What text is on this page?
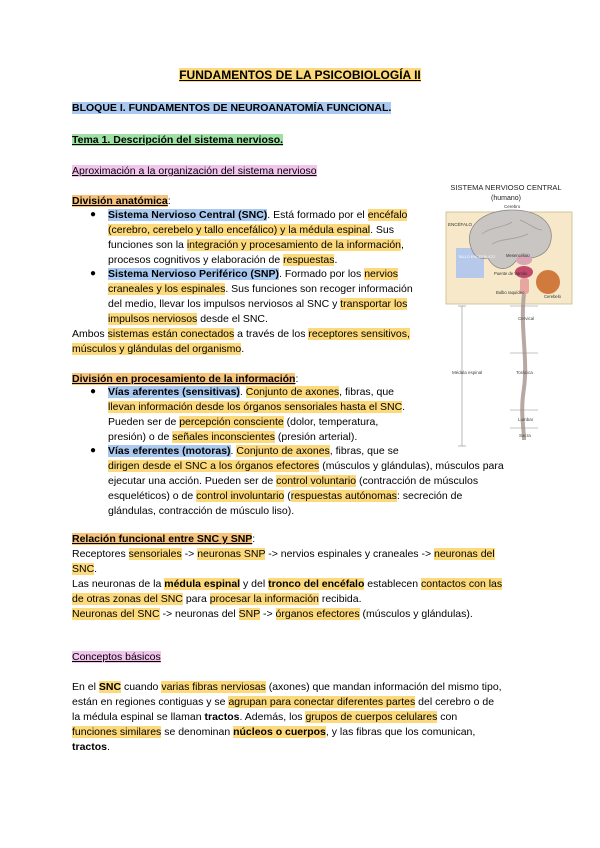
FUNDAMENTOS DE LA PSICOBIOLOGÍA II
BLOQUE I. FUNDAMENTOS DE NEUROANATOMÍA FUNCIONAL.
Tema 1. Descripción del sistema nervioso.
Aproximación a la organización del sistema nervioso
División anatómica:
● Sistema Nervioso Central (SNC). Está formado por el encéfalo
(cerebro, cerebelo y tallo encefálico) y la médula espinal. Sus
funciones son la integración y procesamiento de la información,
procesos cognitivos y elaboración de respuestas.
● Sistema Nervioso Periférico (SNP). Formado por los nervios
craneales y los espinales. Sus funciones son recoger información
del medio, llevar los impulsos nerviosos al SNC y transportar los
impulsos nerviosos desde el SNC.
Ambos sistemas están conectados a través de los receptores sensitivos,
músculos y glándulas del organismo.
División en procesamiento de la información:
● Vías aferentes (sensitivas). Conjunto de axones, fibras, que
llevan información desde los órganos sensoriales hasta el SNC.
Pueden ser de percepción consciente (dolor, temperatura,
presión) o de señales inconscientes (presión arterial).
● Vías eferentes (motoras). Conjunto de axones, fibras, que se
dirigen desde el SNC a los órganos efectores (músculos y glándulas), músculos para
ejecutar una acción. Pueden ser de control voluntario (contracción de músculos
esqueléticos) o de control involuntario (respuestas autónomas: secreción de
glándulas, contracción de músculo liso).
Relación funcional entre SNC y SNP:
Receptores sensoriales -> neuronas SNP -> nervios espinales y craneales -> neuronas del
SNC.
Las neuronas de la médula espinal y del tronco del encéfalo establecen contactos con las
de otras zonas del SNC para procesar la información recibida.
Neuronas del SNC -> neuronas del SNP -> órganos efectores (músculos y glándulas).
Conceptos básicos
En el SNC cuando varias fibras nerviosas (axones) que mandan información del mismo tipo,
están en regiones contiguas y se agrupan para conectar diferentes partes del cerebro o de
la médula espinal se llaman tractos. Además, los grupos de cuerpos celulares con
funciones similares se denominan núcleos o cuerpos, y las fibras que los comunican,
tractos.
SISTEMA NERVIOSO CENTRAL
(humano)
ENCÉFALO
Cerebro
TALLO ENCEFÁLICO	Mesencéfalo
Puente de Varolio
Bulbo raquídeo
Cerebelo
Cervical
Médula espinal	Torácica
Lumbar
Sacra
